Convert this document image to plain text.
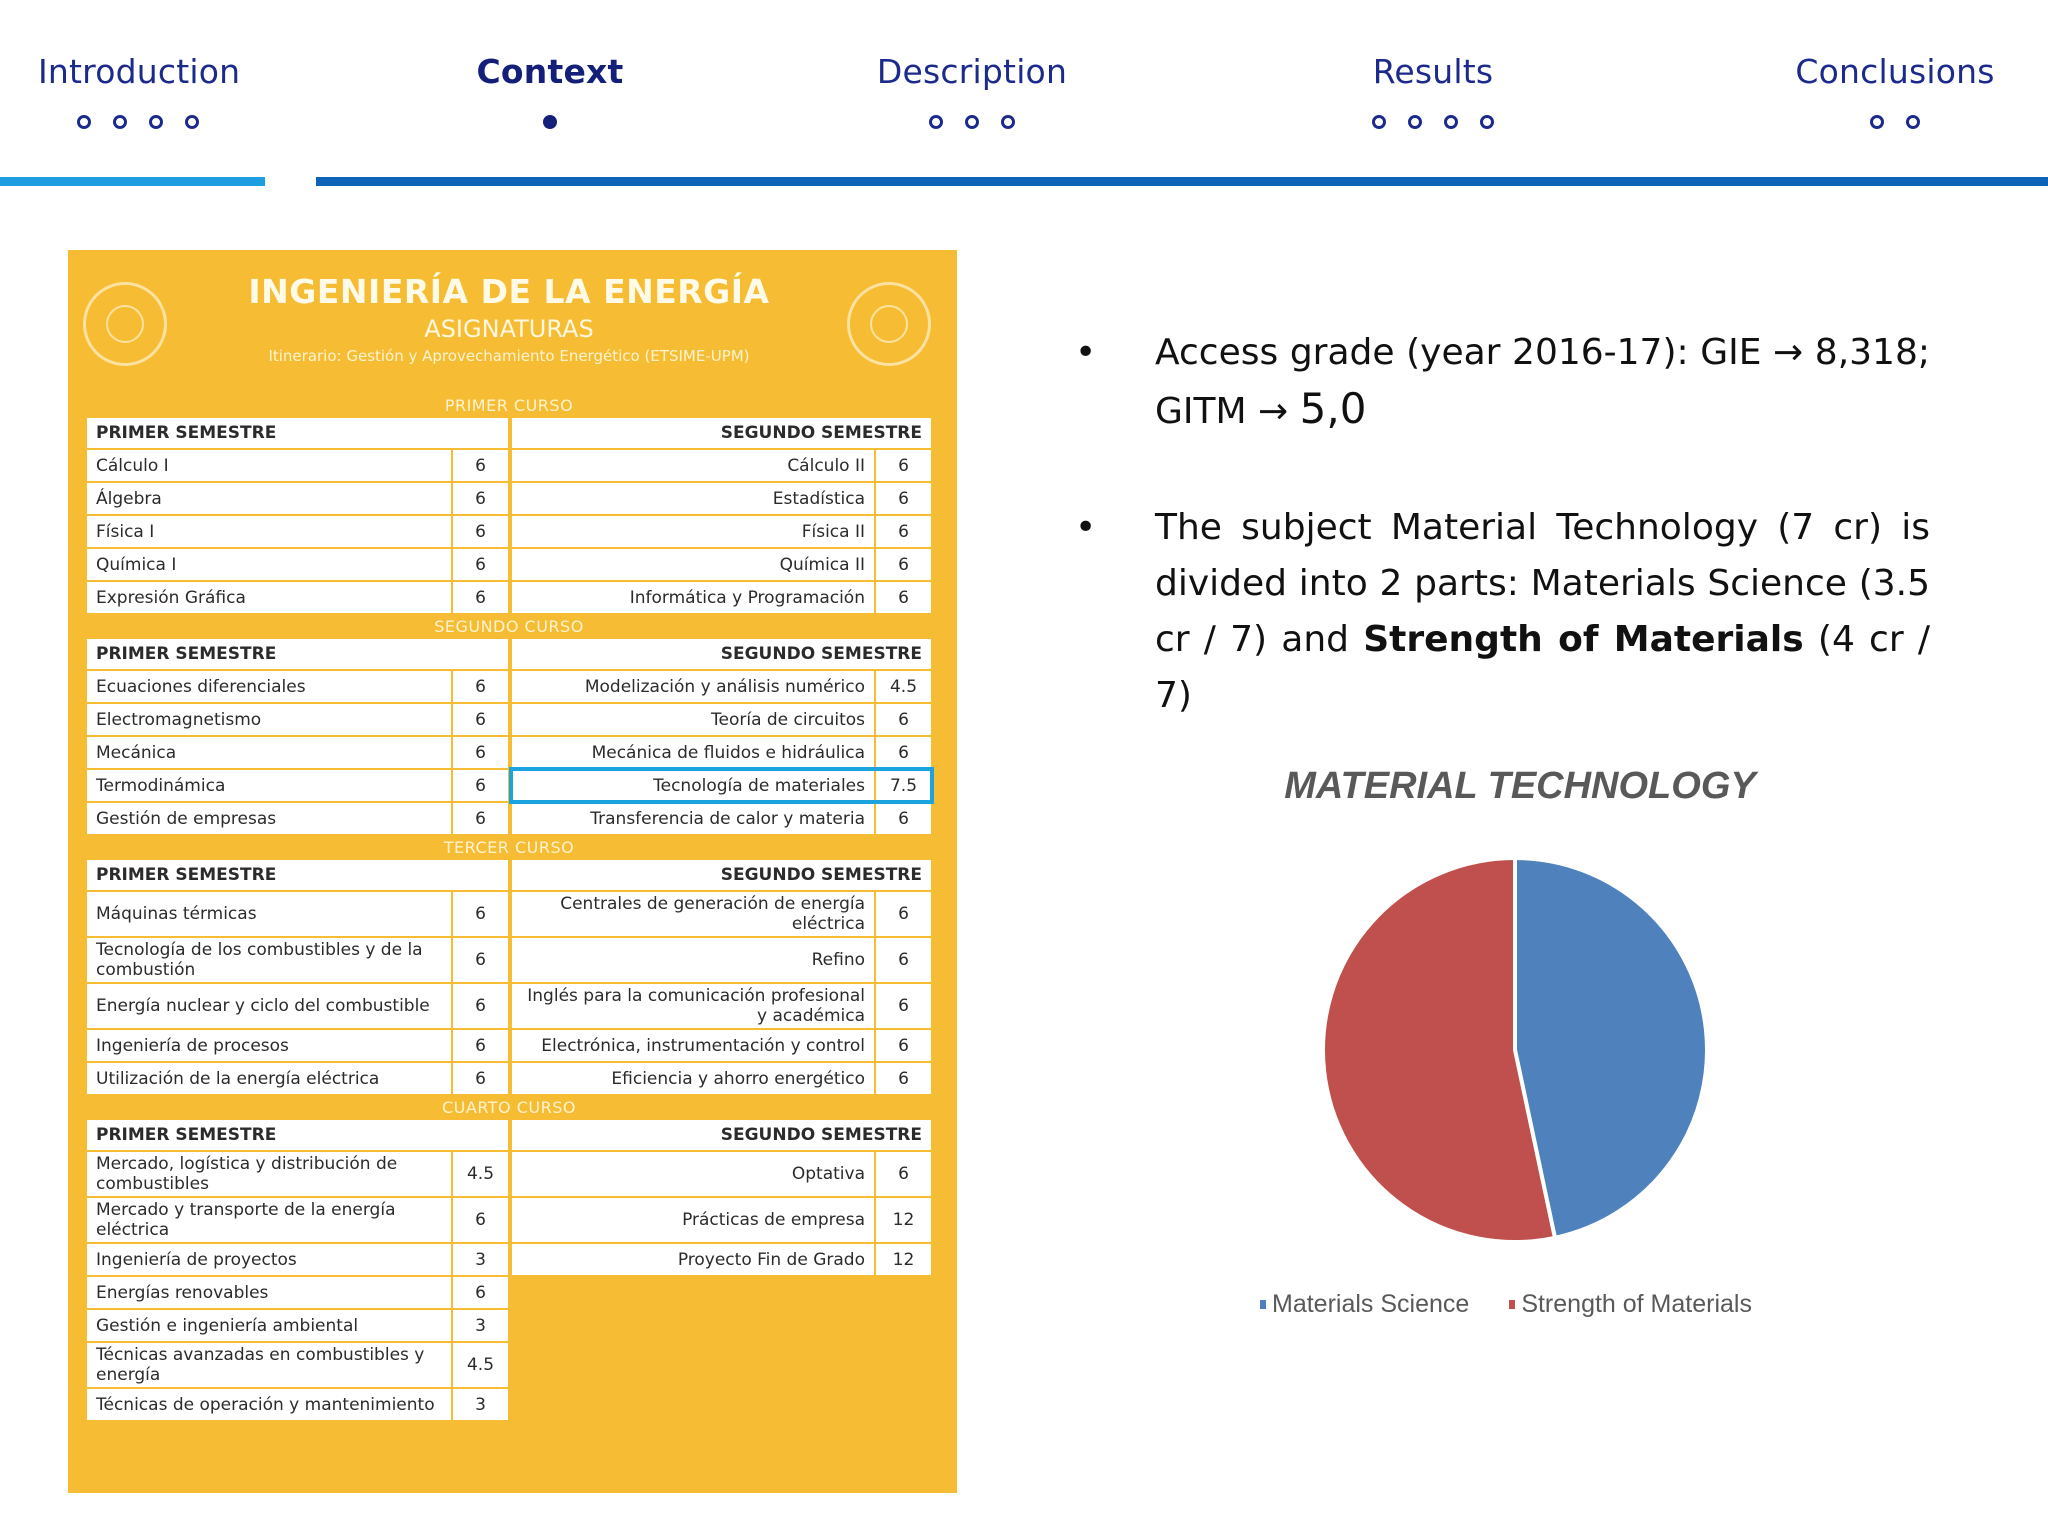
Introduction	Context	Description	Results	Conclusions
INGENIERÍA DE LA ENERGÍA
ASIGNATURAS
Itinerario: Gestión y Aprovechamiento Energético (ETSIME-UPM)
PRIMER CURSO
PRIMER SEMESTRE
Cálculo I	6
Álgebra	6
Física I	6
Química I	6
Expresión Gráfica	6
SEGUNDO SEMESTRE
Cálculo II	6
Estadística	6
Física II	6
Química II	6
Informática y Programación	6
SEGUNDO CURSO
PRIMER SEMESTRE
Ecuaciones diferenciales	6
Electromagnetismo	6
Mecánica	6
Termodinámica	6
Gestión de empresas	6
SEGUNDO SEMESTRE
Modelización y análisis numérico	4.5
Teoría de circuitos	6
Mecánica de fluidos e hidráulica	6
Tecnología de materiales	7.5
Transferencia de calor y materia	6
TERCER CURSO
PRIMER SEMESTRE
Máquinas térmicas	6
Tecnología de los combustibles y de la combustión	6
Energía nuclear y ciclo del combustible	6
Ingeniería de procesos	6
Utilización de la energía eléctrica	6
SEGUNDO SEMESTRE
Centrales de generación de energía eléctrica	6
Refino	6
Inglés para la comunicación profesional y académica	6
Electrónica, instrumentación y control	6
Eficiencia y ahorro energético	6
CUARTO CURSO
PRIMER SEMESTRE
Mercado, logística y distribución de combustibles	4.5
Mercado y transporte de la energía eléctrica	6
Ingeniería de proyectos	3
Energías renovables	6
Gestión e ingeniería ambiental	3
Técnicas avanzadas en combustibles y energía	4.5
Técnicas de operación y mantenimiento	3
SEGUNDO SEMESTRE
Optativa	6
Prácticas de empresa	12
Proyecto Fin de Grado	12
• Access grade (year 2016-17): GIE → 8,318; GITM → 5,0
• The subject Material Technology (7 cr) is divided into 2 parts: Materials Science (3.5 cr / 7) and Strength of Materials (4 cr / 7)
MATERIAL TECHNOLOGY
Materials Science Strength of Materials
